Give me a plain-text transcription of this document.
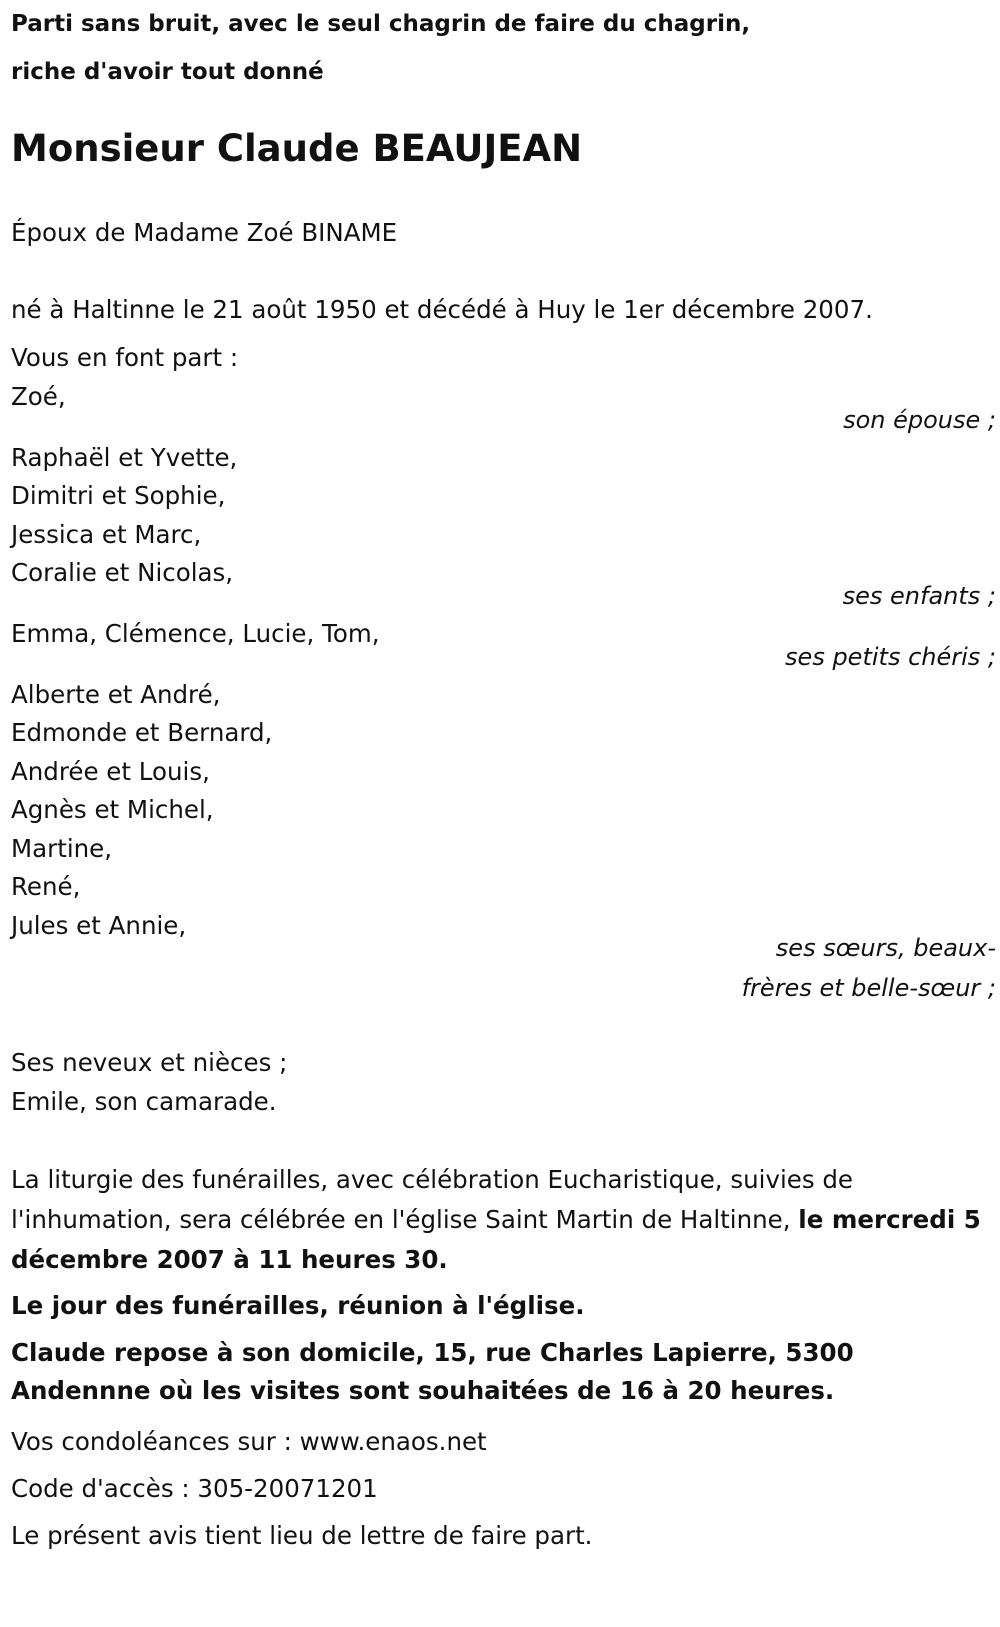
Parti sans bruit, avec le seul chagrin de faire du chagrin,
riche d'avoir tout donné
Monsieur Claude BEAUJEAN
Époux de Madame Zoé BINAME
né à Haltinne le 21 août 1950 et décédé à Huy le 1er décembre 2007.
Vous en font part :
Zoé,
son épouse ;
Raphaël et Yvette,
Dimitri et Sophie,
Jessica et Marc,
Coralie et Nicolas,
ses enfants ;
Emma, Clémence, Lucie, Tom,
ses petits chéris ;
Alberte et André,
Edmonde et Bernard,
Andrée et Louis,
Agnès et Michel,
Martine,
René,
Jules et Annie,
ses sœurs, beaux-frères et belle-sœur ;
Ses neveux et nièces ;
Emile, son camarade.
La liturgie des funérailles, avec célébration Eucharistique, suivies de l'inhumation, sera célébrée en l'église Saint Martin de Haltinne, le mercredi 5 décembre 2007 à 11 heures 30.
Le jour des funérailles, réunion à l'église.
Claude repose à son domicile, 15, rue Charles Lapierre, 5300 Andennne où les visites sont souhaitées de 16 à 20 heures.
Vos condoléances sur : www.enaos.net
Code d'accès : 305-20071201
Le présent avis tient lieu de lettre de faire part.
